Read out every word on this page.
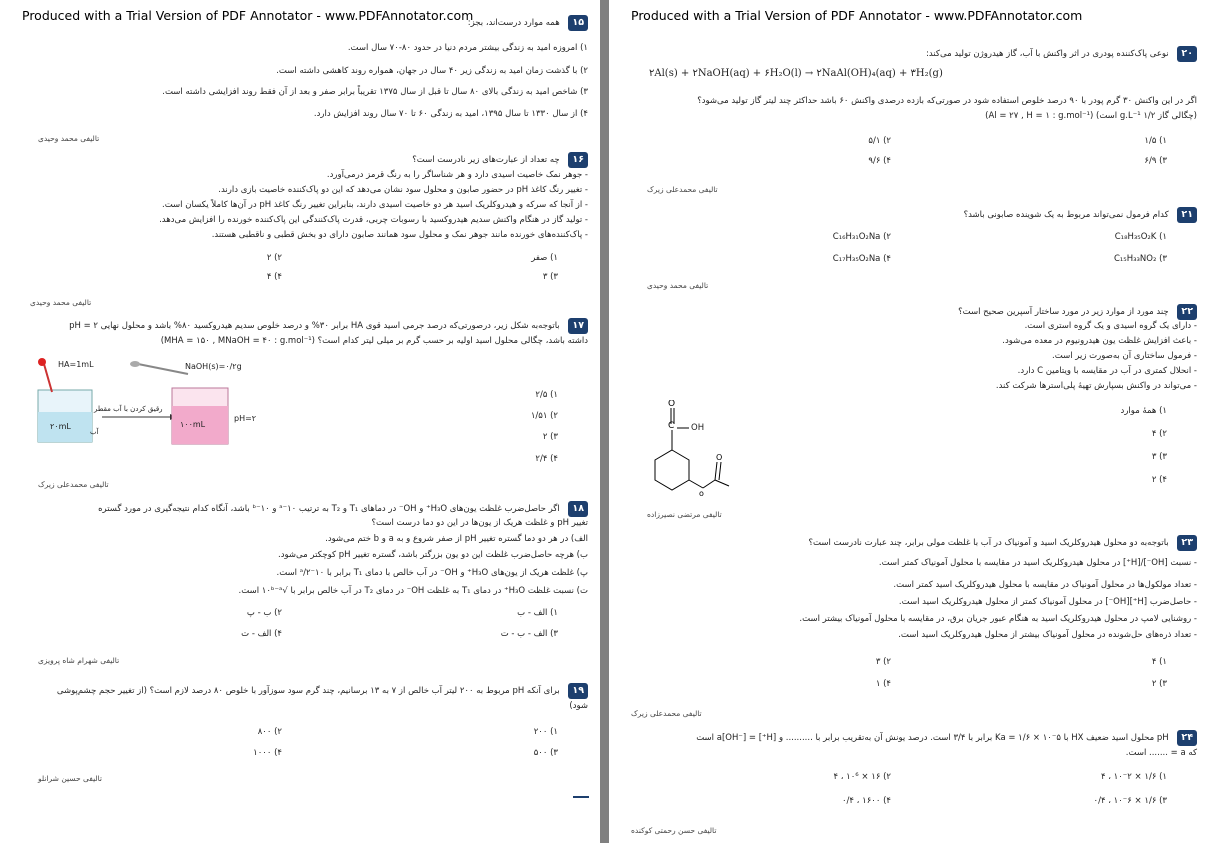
Produced with a Trial Version of PDF Annotator - www.PDFAnnotator.com	۱۵ همه موارد درست‌اند، بجز:
۱) امروزه امید به زندگی بیشتر مردم دنیا در حدود ۸۰-۷۰ سال است.
۲) با گذشت زمان امید به زندگی زیر ۴۰ سال در جهان، همواره روند کاهشی داشته است.
۳) شاخص امید به زندگی بالای ۸۰ سال تا قبل از سال ۱۳۷۵ تقریباً برابر صفر و بعد از آن فقط روند افزایشی داشته است.
۴) از سال ۱۳۳۰ تا سال ۱۳۹۵، امید به زندگی ۶۰ تا ۷۰ سال روند افزایش دارد.
تالیفی محمد وحیدی
۱۶ چه تعداد از عبارت‌های زیر نادرست است؟
- جوهر نمک خاصیت اسیدی دارد و هر شناساگر را به رنگ قرمز درمی‌آورد.
- تغییر رنگ کاغذ pH در حضور صابون و محلول سود نشان می‌دهد که این دو پاک‌کننده خاصیت بازی دارند.
- از آنجا که سرکه و هیدروکلریک اسید هر دو خاصیت اسیدی دارند، بنابراین تغییر رنگ کاغذ pH در آن‌ها کاملاً یکسان است.
- تولید گاز در هنگام واکنش سدیم هیدروکسید با رسوبات چربی، قدرت پاک‌کنندگی این پاک‌کننده خورنده را افزایش می‌دهد.
- پاک‌کننده‌های خورنده مانند جوهر نمک و محلول سود همانند صابون دارای دو بخش قطبی و ناقطبی هستند.
۱) صفر
۲) ۲
۳) ۳
۴) ۴
تالیفی محمد وحیدی
۱۷ باتوجه‌به شکل زیر، درصورتی‌که درصد جرمی اسید قوی HA برابر ۳۰% و درصد خلوص سدیم هیدروکسید ۸۰% باشد و محلول نهایی pH = ۲
داشته باشد، چگالی محلول اسید اولیه بر حسب گرم بر میلی لیتر کدام است؟ (MHA = ۱۵۰ , MNaOH = ۴۰ : g.mol⁻¹)
HA=1mL	NaOH(s)=۰/۲g
رقیق کردن با آب مقطر
آب
۲۰mL	۱۰۰mL
pH=۲
۱) ۲/۵
۲) ۱/۵۱
۳) ۲
۴) ۲/۴
تالیفی محمدعلی زیرک
۱۸ اگر حاصل‌ضرب غلظت یون‌های H₃O⁺ و OH⁻ در دماهای T₁ و T₂ به ترتیب ۱۰⁻ᵃ و ۱۰⁻ᵇ باشد، آنگاه کدام نتیجه‌گیری در مورد گستره
تغییر pH و غلظت هریک از یون‌ها در این دو دما درست است؟
الف) در هر دو دما گستره تغییر pH از صفر شروع و به a و b ختم می‌شود.
ب) هرچه حاصل‌ضرب غلظت این دو یون بزرگتر باشد، گستره تغییر pH کوچکتر می‌شود.
پ) غلظت هریک از یون‌های H₃O⁺ و OH⁻ در آب خالص با دمای T₁ برابر با ۱۰⁻ᵃ/۲ است.
ت) نسبت غلظت H₃O⁺ در دمای T₁ به غلظت OH⁻ در دمای T₂ در آب خالص برابر با √۱۰ᵇ⁻ᵃ است.
۱) الف - ب
۲) ب - پ
۳) الف - ب - ت
۴) الف - ت
تالیفی شهرام شاه پرویزی
۱۹ برای آنکه pH مربوط به ۲۰۰ لیتر آب خالص از ۷ به ۱۳ برسانیم، چند گرم سود سوزآور با خلوص ۸۰ درصد لازم است؟ (از تغییر حجم چشم‌پوشی
شود)
۱) ۲۰۰
۲) ۸۰۰
۳) ۵۰۰
۴) ۱۰۰۰
تالیفی حسین شرانلو
Produced with a Trial Version of PDF Annotator - www.PDFAnnotator.com
۲۰ نوعی پاک‌کننده پودری در اثر واکنش با آب، گاز هیدروژن تولید می‌کند:
۲Al(s) + ۲NaOH(aq) + ۶H₂O(l) → ۲NaAl(OH)₄(aq) + ۳H₂(g)
اگر در این واکنش ۳۰ گرم پودر با ۹۰ درصد خلوص استفاده شود در صورتی‌که بازده درصدی واکنش ۶۰ باشد حداکثر چند لیتر گاز تولید می‌شود؟
(چگالی گاز ۱/۲ g.L⁻¹ است) (Al = ۲۷ , H = ۱ : g.mol⁻¹)
۱) ۱/۵
۲) ۵/۱
۳) ۶/۹
۴) ۹/۶
تالیفی محمدعلی زیرک
۲۱ کدام فرمول نمی‌تواند مربوط به یک شوینده صابونی باشد؟
۱) C₁₈H₃₅O₂K
۲) C₁₆H₃₁O₂Na
۳) C₁₅H₃₃NO₂
۴) C₁₇H₃₅O₂Na
تالیفی محمد وحیدی
۲۲ چند مورد از موارد زیر در مورد ساختار آسپرین صحیح است؟
- دارای یک گروه اسیدی و یک گروه استری است.
- باعث افزایش غلظت یون هیدرونیوم در معده می‌شود.
- فرمول ساختاری آن به‌صورت زیر است.
- انحلال کمتری در آب در مقایسه با ویتامین C دارد.
- می‌تواند در واکنش بسپارش تهیهٔ پلی‌استرها شرکت کند.
۱) همهٔ موارد
۲) ۴
۳) ۳
۴) ۲
C
O
O
o
OH
تالیفی مرتضی نصیرزاده
۲۳ باتوجه‌به دو محلول هیدروکلریک اسید و آمونیاک در آب با غلظت مولی برابر، چند عبارت نادرست است؟
- نسبت [OH⁻]/[H⁺] در محلول هیدروکلریک اسید در مقایسه با محلول آمونیاک کمتر است.
- تعداد مولکول‌ها در محلول آمونیاک در مقایسه با محلول هیدروکلریک اسید کمتر است.
- حاصل‌ضرب [H⁺][OH⁻] در محلول آمونیاک کمتر از محلول هیدروکلریک اسید است.
- روشنایی لامپ در محلول هیدروکلریک اسید به هنگام عبور جریان برق، در مقایسه با محلول آمونیاک بیشتر است.
- تعداد ذره‌های حل‌شونده در محلول آمونیاک بیشتر از محلول هیدروکلریک اسید است.
۱) ۴
۲) ۳
۳) ۲
۴) ۱
تالیفی محمدعلی زیرک
۲۴ pH محلول اسید ضعیف HX با Ka = ۱/۶ × ۱۰⁻۵ برابر با ۳/۴ است. درصد یونش آن به‌تقریب برابر با .......... و [H⁺] = a[OH⁻] است
که a = ....... است.
۱) ۱/۶ × ۱۰⁻۲ ، ۴
۲) ۱۶ × ۱۰⁶ ، ۴
۳) ۱/۶ × ۱۰⁻۶ ، ۰/۴
۴) ۱۶۰۰ ، ۰/۴
تالیفی حسن رحمتی کوکنده
